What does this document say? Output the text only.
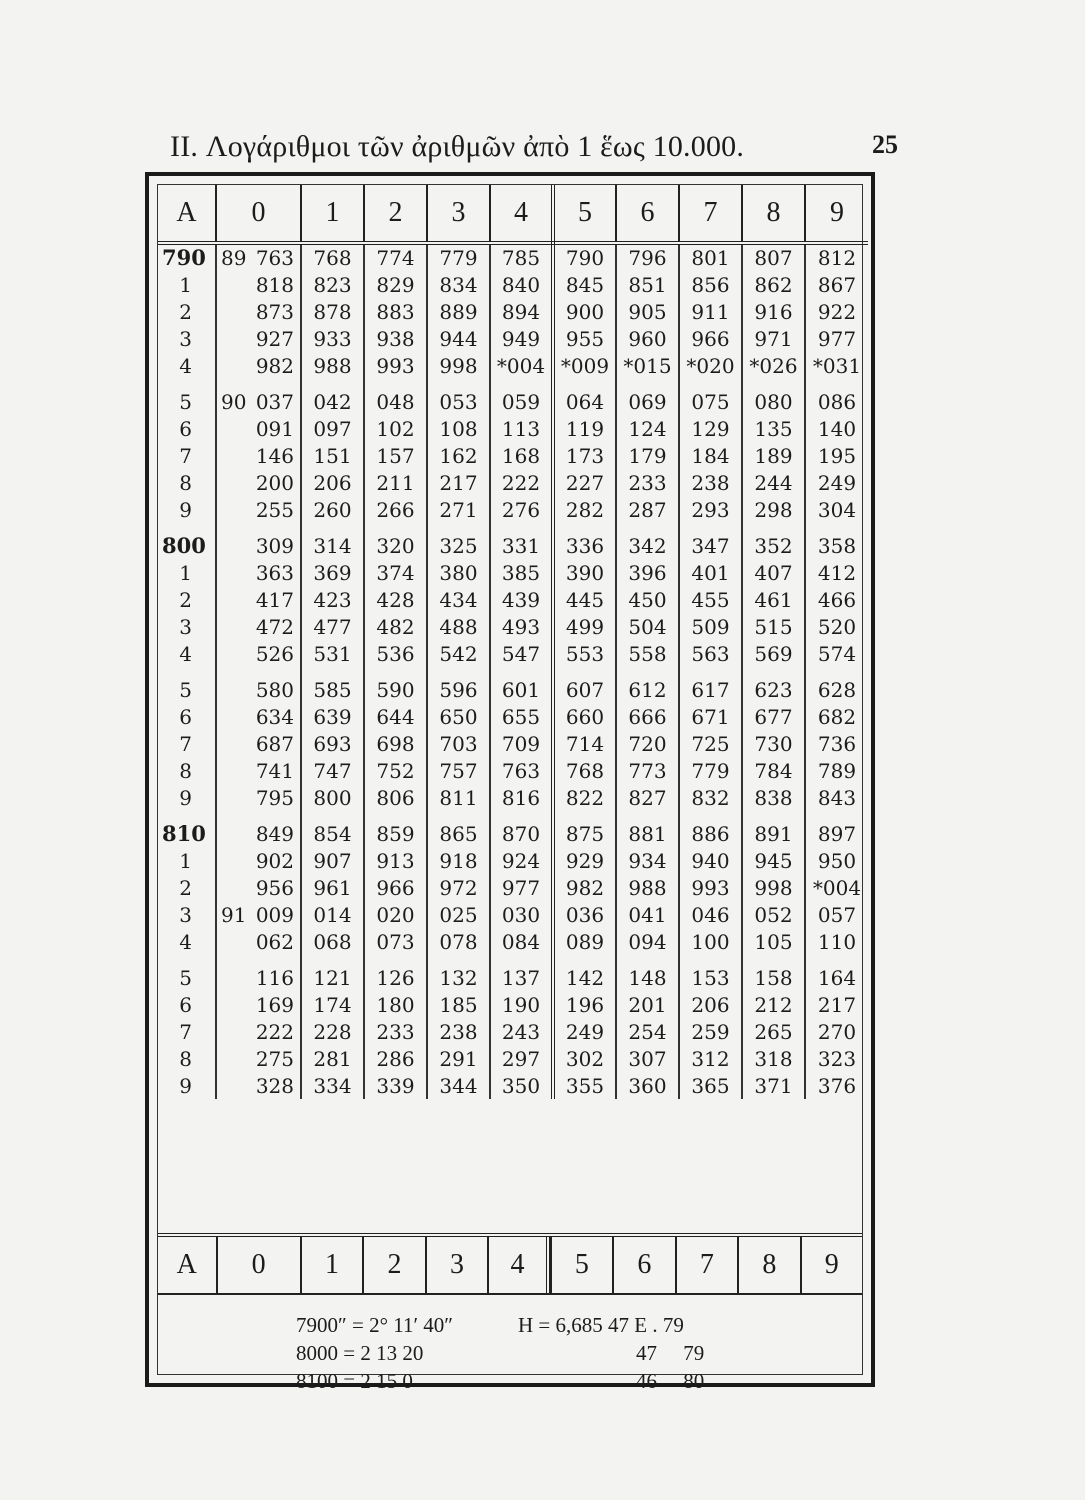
II. Λογάριθμοι τῶν ἀριθμῶν ἀπὸ 1 ἕως 10.000.	25
A	0	1	2	3	4	5	6	7	8	9
790	89 763	768	774	779	785	790	796	801	807	812
1	818	823	829	834	840	845	851	856	862	867
2	873	878	883	889	894	900	905	911	916	922
3	927	933	938	944	949	955	960	966	971	977
4	982	988	993	998	*004	*009	*015	*020	*026	*031

5	90 037	042	048	053	059	064	069	075	080	086
6	091	097	102	108	113	119	124	129	135	140
7	146	151	157	162	168	173	179	184	189	195
8	200	206	211	217	222	227	233	238	244	249
9	255	260	266	271	276	282	287	293	298	304

800	309	314	320	325	331	336	342	347	352	358
1	363	369	374	380	385	390	396	401	407	412
2	417	423	428	434	439	445	450	455	461	466
3	472	477	482	488	493	499	504	509	515	520
4	526	531	536	542	547	553	558	563	569	574

5	580	585	590	596	601	607	612	617	623	628
6	634	639	644	650	655	660	666	671	677	682
7	687	693	698	703	709	714	720	725	730	736
8	741	747	752	757	763	768	773	779	784	789
9	795	800	806	811	816	822	827	832	838	843

810	849	854	859	865	870	875	881	886	891	897
1	902	907	913	918	924	929	934	940	945	950
2	956	961	966	972	977	982	988	993	998	*004
3	91 009	014	020	025	030	036	041	046	052	057
4	062	068	073	078	084	089	094	100	105	110

5	116	121	126	132	137	142	148	153	158	164
6	169	174	180	185	190	196	201	206	212	217
7	222	228	233	238	243	249	254	259	265	270
8	275	281	286	291	297	302	307	312	318	323
9	328	334	339	344	350	355	360	365	371	376
A	0	1	2	3	4	5	6	7	8	9
7900″ = 2° 11′ 40″	H = 6,685 47 E . 79
8000 = 2 13 20	47     79
8100 = 2 15 0	46     80
